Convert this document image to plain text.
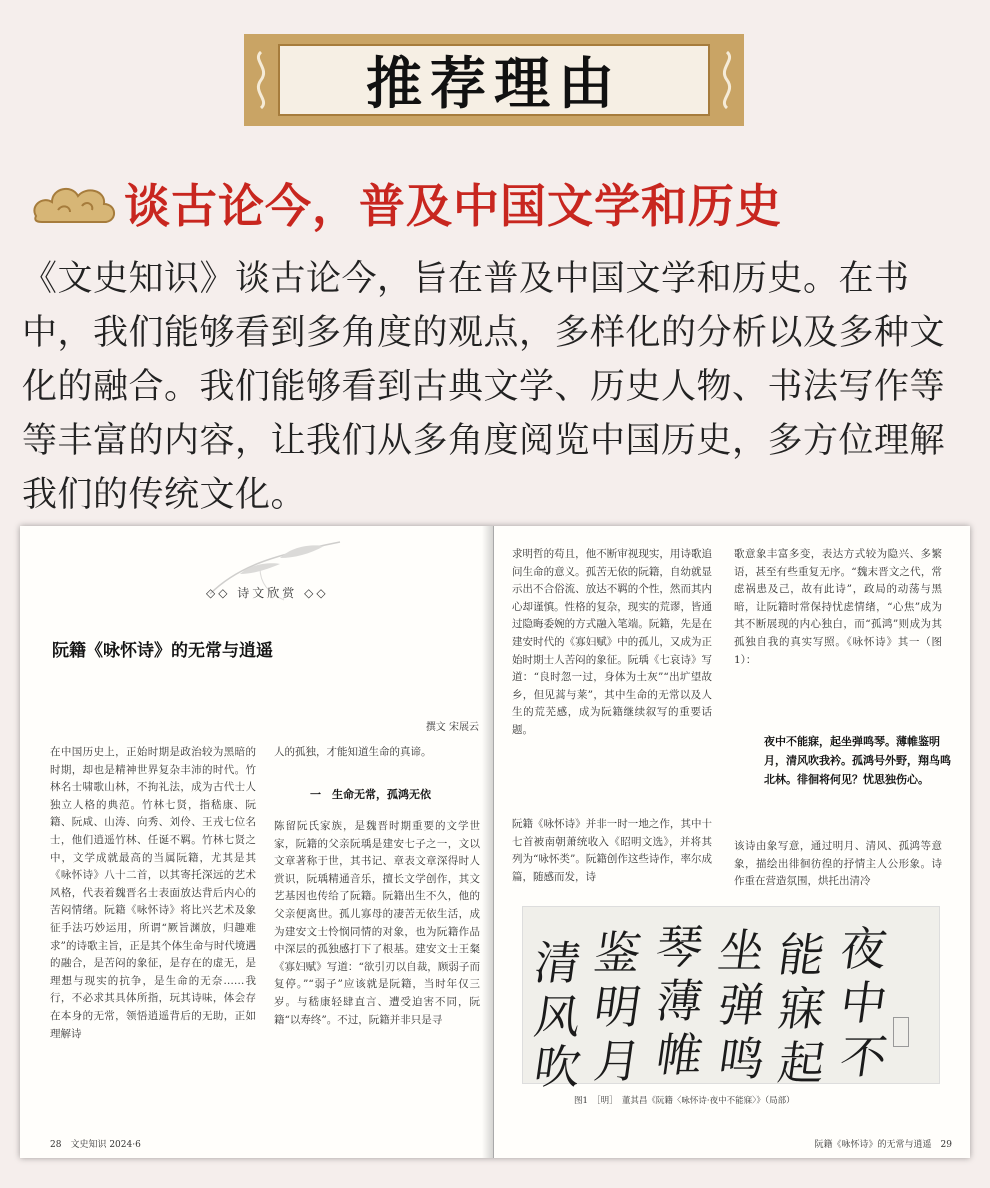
推荐理由
谈古论今，普及中国文学和历史

《文史知识》谈古论今，旨在普及中国文学和历史。在书中，我们能够看到多角度的观点，多样化的分析以及多种文化的融合。我们能够看到古典文学、历史人物、书法写作等等丰富的内容，让我们从多角度阅览中国历史，多方位理解我们的传统文化。

◇◇ 诗文欣赏 ◇◇
阮籍《咏怀诗》的无常与逍遥
撰文 宋展云
在中国历史上，正始时期是政治较为黑暗的时期，却也是精神世界复杂丰沛的时代。竹林名士啸歌山林，不拘礼法，成为古代士人独立人格的典范。竹林七贤，指嵇康、阮籍、阮咸、山涛、向秀、刘伶、王戎七位名士，他们逍遥竹林、任诞不羁。竹林七贤之中，文学成就最高的当属阮籍，尤其是其《咏怀诗》八十二首，以其寄托深远的艺术风格，代表着魏晋名士表面放达背后内心的苦闷情绪。阮籍《咏怀诗》将比兴艺术及象征手法巧妙运用，所谓“厥旨渊放，归趣难求”的诗歌主旨，正是其个体生命与时代境遇的融合，是苦闷的象征，是存在的虚无，是理想与现实的抗争，是生命的无奈……我行，不必求其具体所指，玩其诗味，体会存在本身的无常，领悟逍遥背后的无助，正如理解诗
人的孤独，才能知道生命的真谛。
一　生命无常，孤鸿无依
陈留阮氏家族，是魏晋时期重要的文学世家，阮籍的父亲阮瑀是建安七子之一，文以文章著称于世，其书记、章表文章深得时人赏识，阮瑀精通音乐，擅长文学创作，其文艺基因也传给了阮籍。阮籍出生不久，他的父亲便离世。孤儿寡母的凄苦无依生活，成为建安文士怜悯同情的对象，也为阮籍作品中深层的孤独感打下了根基。建安文士王粲《寡妇赋》写道：“欲引刃以自裁，顾弱子而复停。”“弱子”应该就是阮籍，当时年仅三岁。与嵇康轻肆直言、遭受迫害不同，阮籍“以寿终”。不过，阮籍并非只是寻
28　文史知识 2024·6
求明哲的苟且，他不断审视现实，用诗歌追问生命的意义。孤苦无依的阮籍，自幼就显示出不合俗流、放达不羁的个性，然而其内心却谨慎。性格的复杂，现实的荒谬，皆通过隐晦委婉的方式融入笔端。阮籍，先是在建安时代的《寡妇赋》中的孤儿，又成为正始时期士人苦闷的象征。阮瑀《七哀诗》写道：“良时忽一过，身体为土灰”“出圹望故乡，但见蒿与莱”，其中生命的无常以及人生的荒芜感，成为阮籍继续叙写的重要话题。
阮籍《咏怀诗》并非一时一地之作，其中十七首被南朝萧统收入《昭明文选》，并将其列为“咏怀类”。阮籍创作这些诗作，率尔成篇，随感而发，诗
歌意象丰富多变，表达方式较为隐兴、多繁语，甚至有些重复无序。“魏末晋文之代，常虑祸患及己，故有此诗”，政局的动荡与黑暗，让阮籍时常保持忧虑情绪，“心焦”成为其不断展现的内心独白，而“孤鸿”则成为其孤独自我的真实写照。《咏怀诗》其一（图1）：
夜中不能寐，起坐弹鸣琴。薄帷鉴明月，清风吹我衿。孤鸿号外野，翔鸟鸣北林。徘徊将何见？忧思独伤心。
该诗由象写意，通过明月、清风、孤鸿等意象，描绘出徘徊彷徨的抒情主人公形象。诗作重在营造氛围，烘托出清冷
夜
中
不
能
寐
起
坐
弹
鸣
琴
薄
帷
鉴
明
月
清
风
吹
图1　［明］　董其昌《阮籍〈咏怀诗·夜中不能寐〉》（局部）
阮籍《咏怀诗》的无常与逍遥　29
